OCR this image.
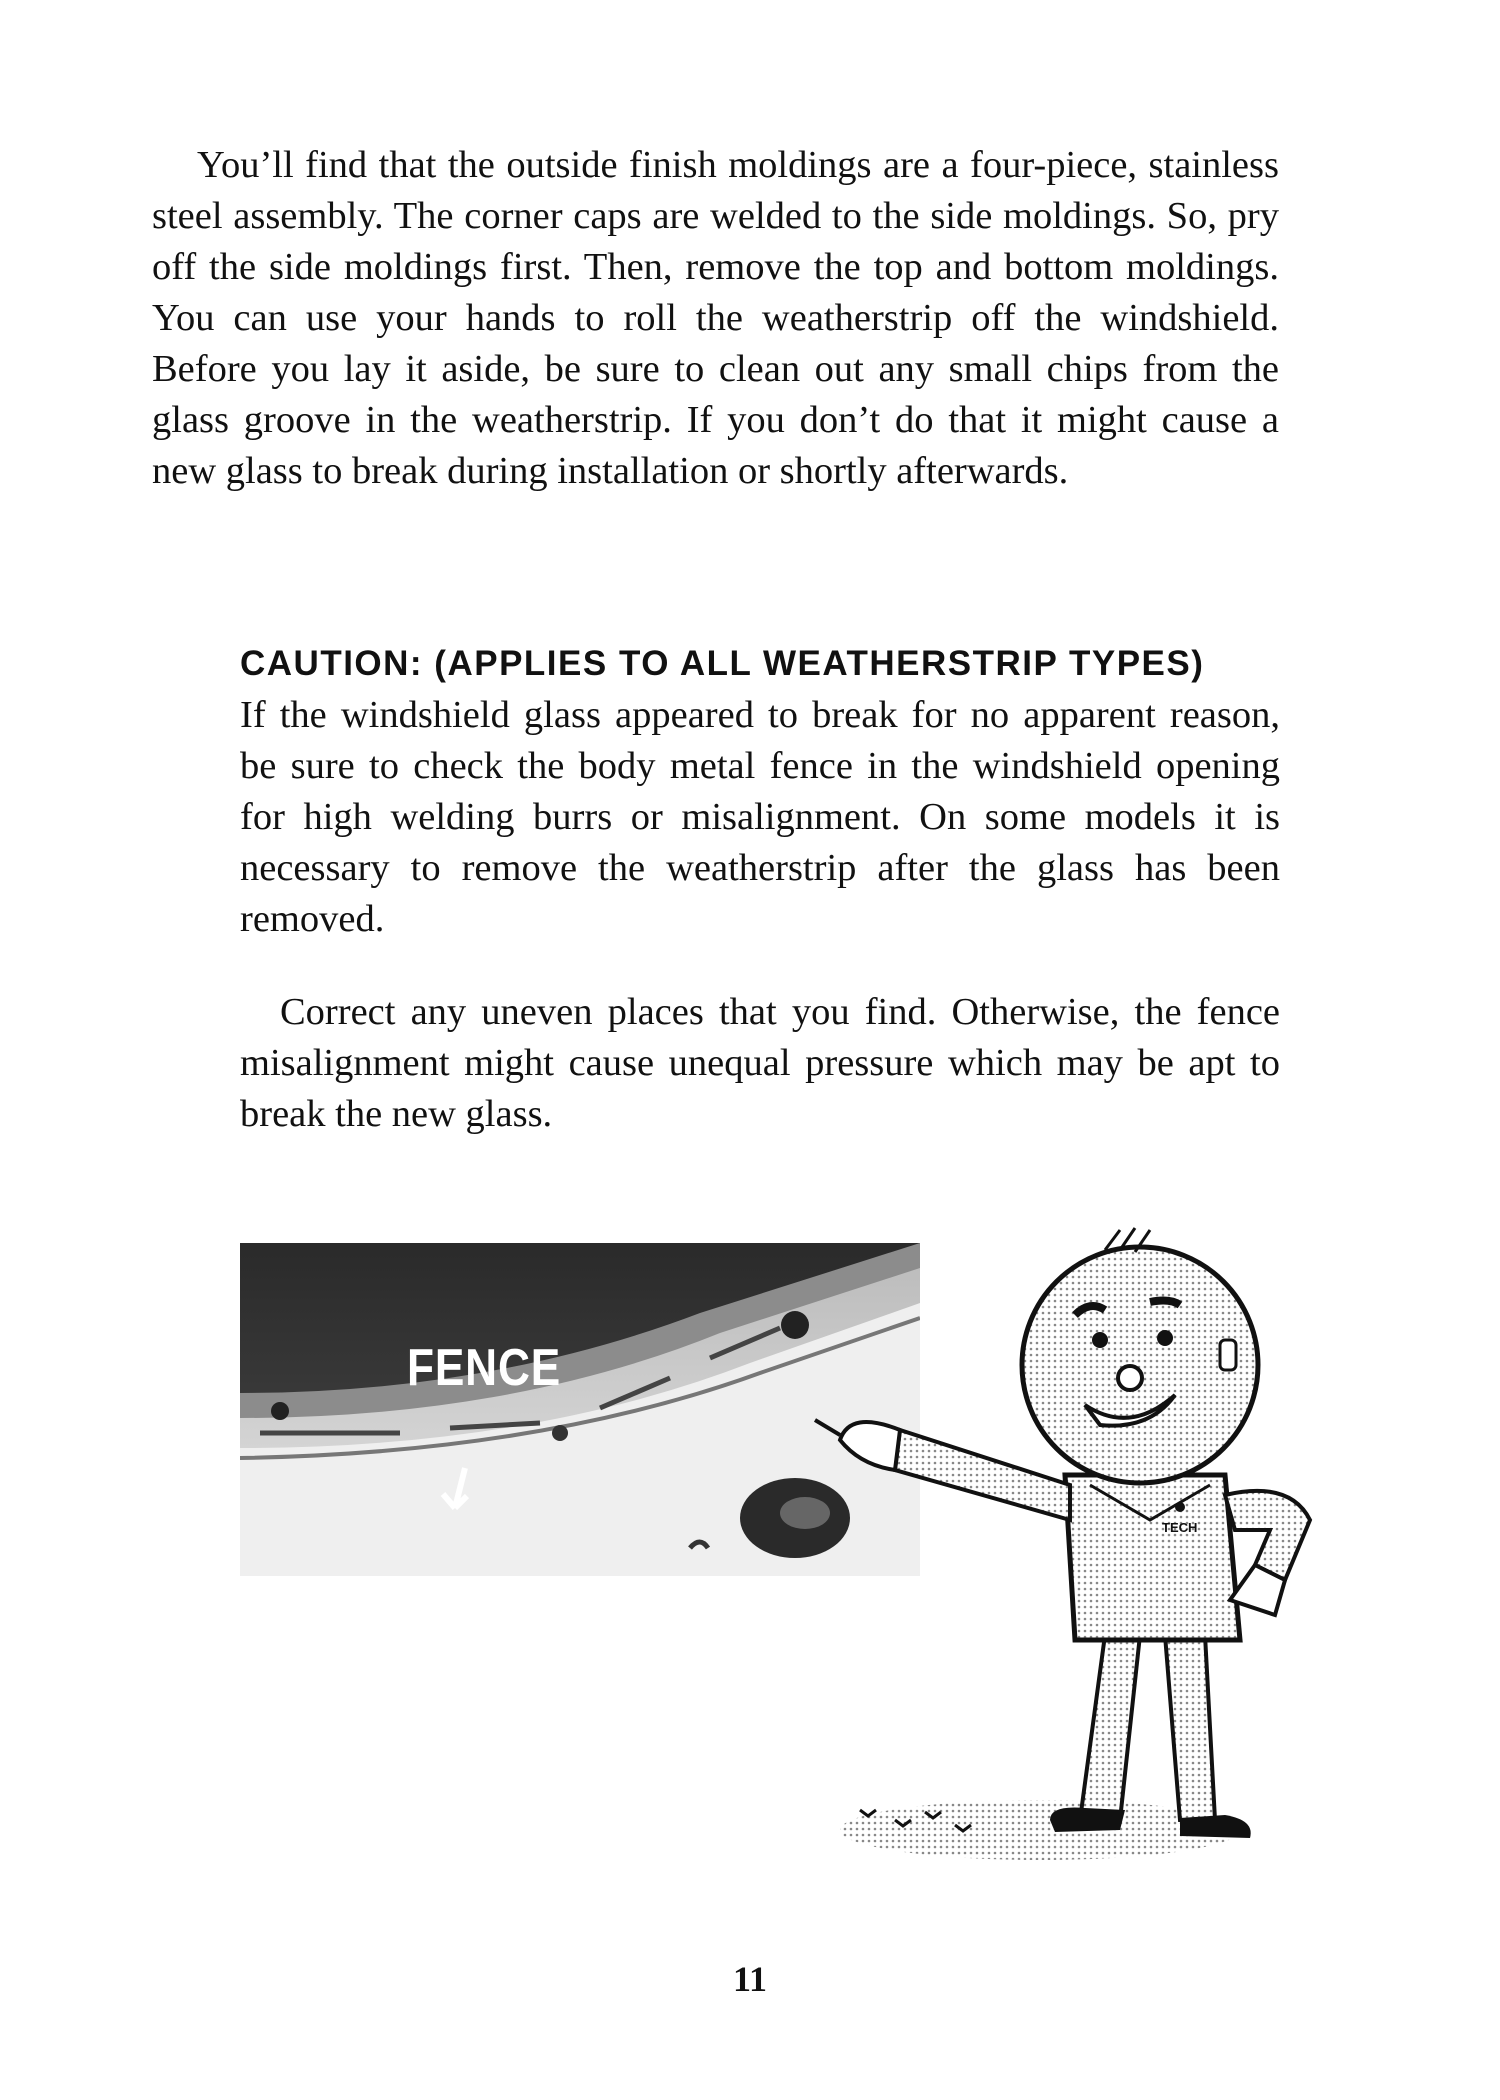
You’ll find that the outside finish moldings are a four-piece, stainless steel assembly. The corner caps are welded to the side moldings. So, pry off the side moldings first. Then, remove the top and bottom moldings. You can use your hands to roll the weatherstrip off the windshield. Before you lay it aside, be sure to clean out any small chips from the glass groove in the weatherstrip. If you don’t do that it might cause a new glass to break during installation or shortly afterwards.

CAUTION: (APPLIES TO ALL WEATHERSTRIP TYPES)

If the windshield glass appeared to break for no apparent reason, be sure to check the body metal fence in the windshield opening for high welding burrs or misalignment. On some models it is necessary to remove the weatherstrip after the glass has been removed.

Correct any uneven places that you find. Otherwise, the fence misalignment might cause unequal pressure which may be apt to break the new glass.

FENCE
TECH
11
